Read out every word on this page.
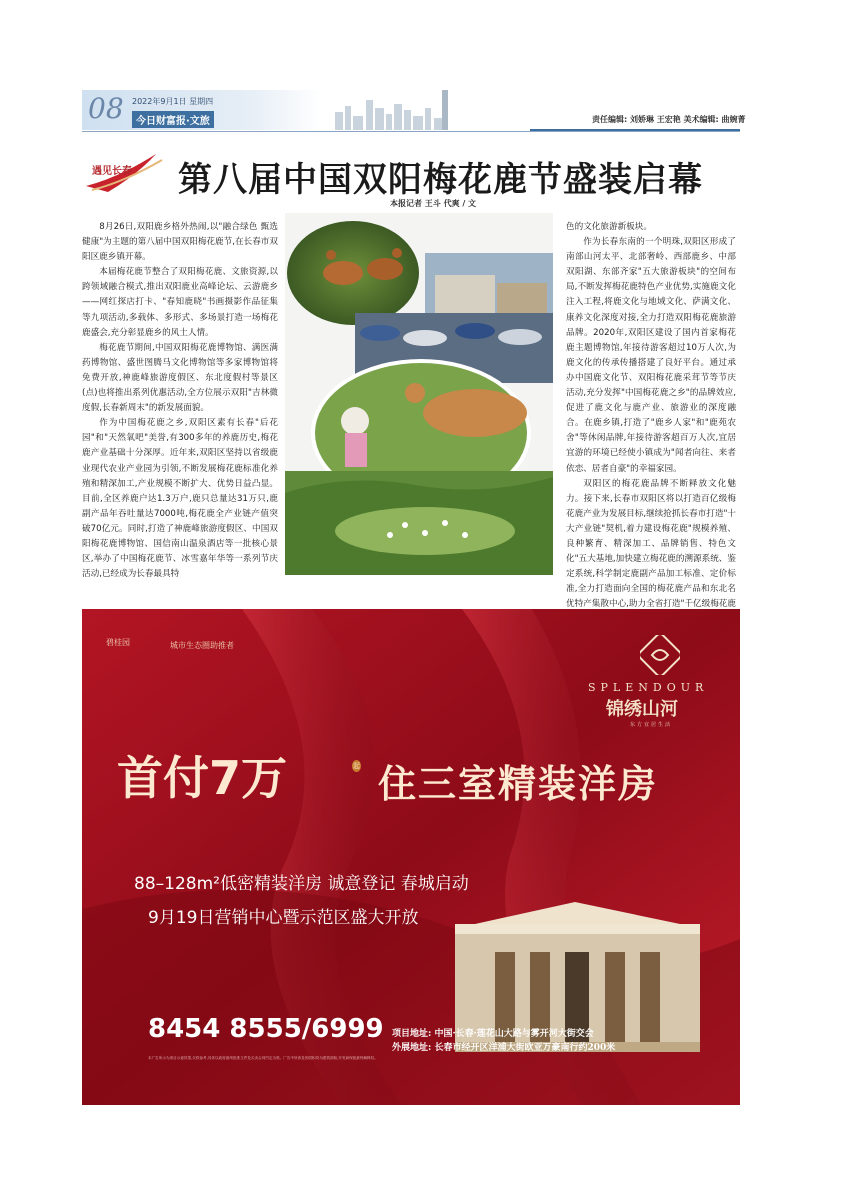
08 2022年9月1日 星期四
今日财富报·文旅	责任编辑: 刘娇琳 王宏艳 美术编辑: 曲婉菁
遇见长春 第八届中国双阳梅花鹿节盛装启幕
本报记者 王斗 代爽 / 文

8月26日,双阳鹿乡格外热闹,以"融合绿色 甄选 健康"为主题的第八届中国双阳梅花鹿节,在长春市双阳区鹿乡镇开幕。

本届梅花鹿节整合了双阳梅花鹿、文旅资源,以跨领域融合模式,推出双阳鹿业高峰论坛、云游鹿乡——网红探店打卡、"春知鹿晓"书画摄影作品征集等九项活动,多载体、多形式、多场景打造一场梅花鹿盛会,充分彰显鹿乡的风土人情。

梅花鹿节期间,中国双阳梅花鹿博物馆、满医满药博物馆、盛世图腾马文化博物馆等多家博物馆将免费开放,神鹿峰旅游度假区、东北度假村等景区(点)也将推出系列优惠活动,全方位展示双阳"吉林微度假,长春新周末"的新发展面貌。

作为中国梅花鹿之乡,双阳区素有长春"后花园"和"天然氧吧"美誉,有300多年的养鹿历史,梅花鹿产业基础十分深厚。近年来,双阳区坚持以省级鹿业现代农业产业园为引领,不断发展梅花鹿标准化养殖和精深加工,产业规模不断扩大、优势日益凸显。目前,全区养鹿户达1.3万户,鹿只总量达31万只,鹿副产品年吞吐量达7000吨,梅花鹿全产业链产值突破70亿元。同时,打造了神鹿峰旅游度假区、中国双阳梅花鹿博物馆、国信南山温泉酒店等一批核心景区,举办了中国梅花鹿节、冰雪嘉年华等一系列节庆活动,已经成为长春最具特

色的文化旅游新板块。

作为长春东南的一个明珠,双阳区形成了南部山河太平、北部奢岭、西部鹿乡、中部双阳湖、东部齐家"五大旅游板块"的空间布局,不断发挥梅花鹿特色产业优势,实施鹿文化注入工程,将鹿文化与地域文化、萨满文化、康养文化深度对接,全力打造双阳梅花鹿旅游品牌。2020年,双阳区建设了国内首家梅花鹿主题博物馆,年接待游客超过10万人次,为鹿文化的传承传播搭建了良好平台。通过承办中国鹿文化节、双阳梅花鹿采茸节等节庆活动,充分发挥"中国梅花鹿之乡"的品牌效应,促进了鹿文化与鹿产业、旅游业的深度融合。在鹿乡镇,打造了"鹿乡人家"和"鹿苑农舍"等休闲品牌,年接待游客超百万人次,宜居宜游的环境已经使小镇成为"闻者向往、来者依恋、居者自豪"的幸福家园。

双阳区的梅花鹿品牌不断释放文化魅力。接下来,长春市双阳区将以打造百亿级梅花鹿产业为发展目标,继续抢抓长春市打造"十大产业链"契机,着力建设梅花鹿"规模养殖、良种繁育、精深加工、品牌销售、特色文化"五大基地,加快建立梅花鹿的溯源系统、鉴定系统,科学制定鹿副产品加工标准、定价标准,全力打造面向全国的梅花鹿产品和东北名优特产集散中心,助力全省打造"千亿级梅花鹿

碧桂园	城市生态圈助推者
SPLENDOUR
锦绣山河
东方宜居生活
首付7万	起 住三室精装洋房
88–128m²低密精装洋房 诚意登记 春城启动
9月19日营销中心暨示范区盛大开放
8454 8555/6999 项目地址: 中国·长春·莲花山大路与雾开河大街交会
外展地址: 长春市经开区洋浦大街欧亚万豪南行约200米
本广告所示为项目示意效果,仅供参考,具体以政府最终批准文件及买卖合同约定为准。广告中所涉及的面积均为建筑面积,开发商保留最终解释权。
